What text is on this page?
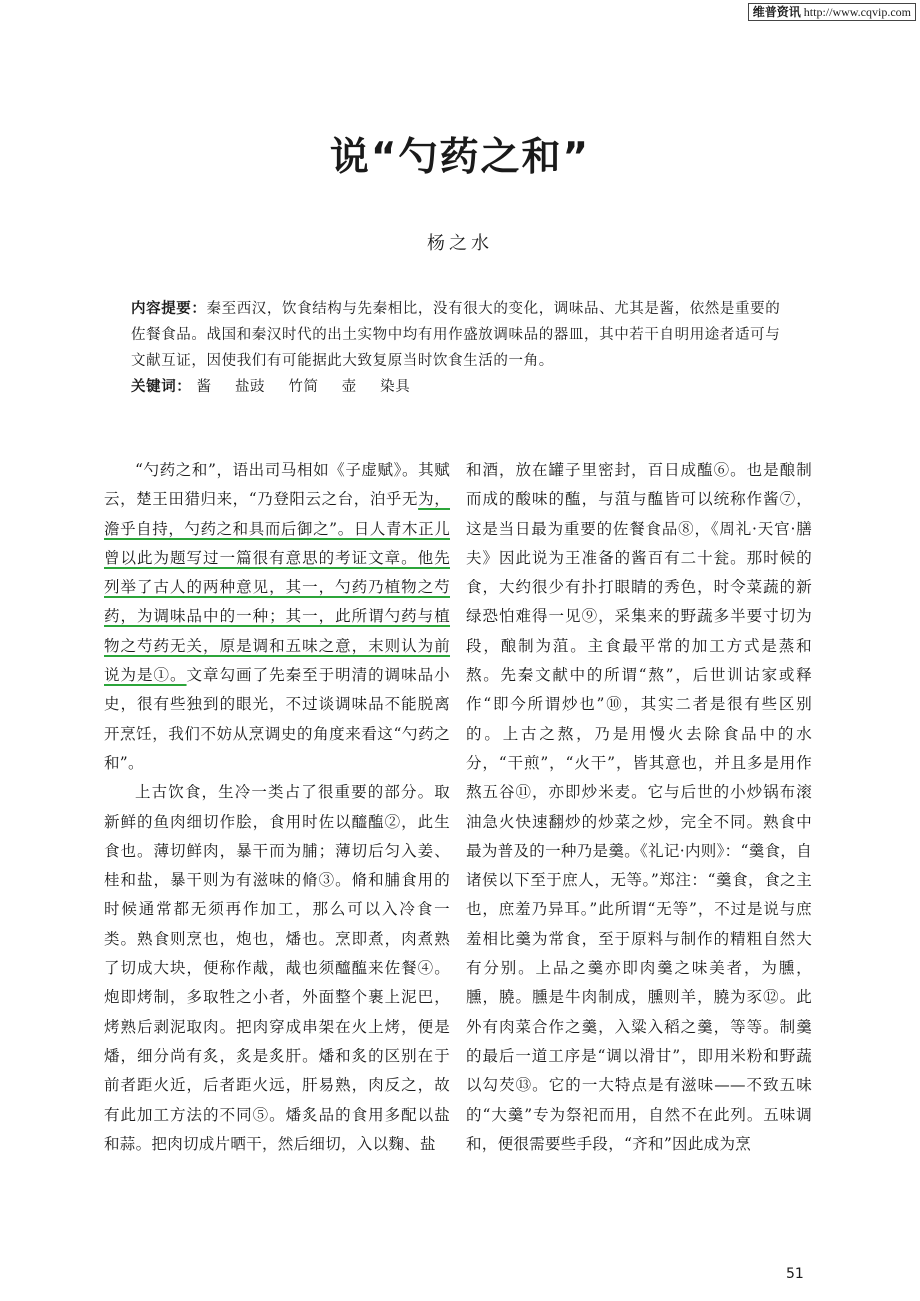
维普资讯 http://www.cqvip.com
说“勺药之和”
杨之水
内容提要：秦至西汉，饮食结构与先秦相比，没有很大的变化，调味品、尤其是酱，依然是重要的佐餐食品。战国和秦汉时代的出土实物中均有用作盛放调味品的器皿，其中若干自明用途者适可与文献互证，因使我们有可能据此大致复原当时饮食生活的一角。
关键词： 酱 盐豉 竹简 壶 染具

“勺药之和”，语出司马相如《子虚赋》。其赋云，楚王田猎归来，“乃登阳云之台，泊乎无为，澹乎自持，勺药之和具而后御之”。日人青木正儿曾以此为题写过一篇很有意思的考证文章。他先列举了古人的两种意见，其一，勺药乃植物之芍药，为调味品中的一种；其一，此所谓勺药与植物之芍药无关，原是调和五味之意，末则认为前说为是①。文章勾画了先秦至于明清的调味品小史，很有些独到的眼光，不过谈调味品不能脱离开烹饪，我们不妨从烹调史的角度来看这“勺药之和”。

上古饮食，生冷一类占了很重要的部分。取新鲜的鱼肉细切作脍，食用时佐以醯醢②，此生食也。薄切鲜肉，暴干而为脯；薄切后匀入姜、桂和盐，暴干则为有滋味的脩③。脩和脯食用的时候通常都无须再作加工，那么可以入冷食一类。熟食则烹也，炮也，燔也。烹即煮，肉煮熟了切成大块，便称作胾，胾也须醯醢来佐餐④。炮即烤制，多取牲之小者，外面整个裹上泥巴，烤熟后剥泥取肉。把肉穿成串架在火上烤，便是燔，细分尚有炙，炙是炙肝。燔和炙的区别在于前者距火近，后者距火远，肝易熟，肉反之，故有此加工方法的不同⑤。燔炙品的食用多配以盐和蒜。把肉切成片晒干，然后细切，入以麴、盐

和酒，放在罐子里密封，百日成醢⑥。也是酿制而成的酸味的醢，与菹与醢皆可以统称作酱⑦，这是当日最为重要的佐餐食品⑧，《周礼·天官·膳夫》因此说为王准备的酱百有二十瓮。那时候的食，大约很少有扑打眼睛的秀色，时令菜蔬的新绿恐怕难得一见⑨，采集来的野蔬多半要寸切为段，酿制为菹。主食最平常的加工方式是蒸和熬。先秦文献中的所谓“熬”，后世训诂家或释作“即今所谓炒也”⑩，其实二者是很有些区别的。上古之熬，乃是用慢火去除食品中的水分，“干煎”，“火干”，皆其意也，并且多是用作熬五谷⑪，亦即炒米麦。它与后世的小炒锅布滚油急火快速翻炒的炒菜之炒，完全不同。熟食中最为普及的一种乃是羹。《礼记·内则》：“羹食，自诸侯以下至于庶人，无等。”郑注：“羹食，食之主也，庶羞乃异耳。”此所谓“无等”，不过是说与庶羞相比羹为常食，至于原料与制作的精粗自然大有分别。上品之羹亦即肉羹之味美者，为臐，臐，膮。臐是牛肉制成，臐则羊，膮为豕⑫。此外有肉菜合作之羹，入粱入稻之羹，等等。制羹的最后一道工序是“调以滑甘”，即用米粉和野蔬以勾芡⑬。它的一大特点是有滋味——不致五味的“大羹”专为祭祀而用，自然不在此列。五味调和，便很需要些手段，“齐和”因此成为烹

51
